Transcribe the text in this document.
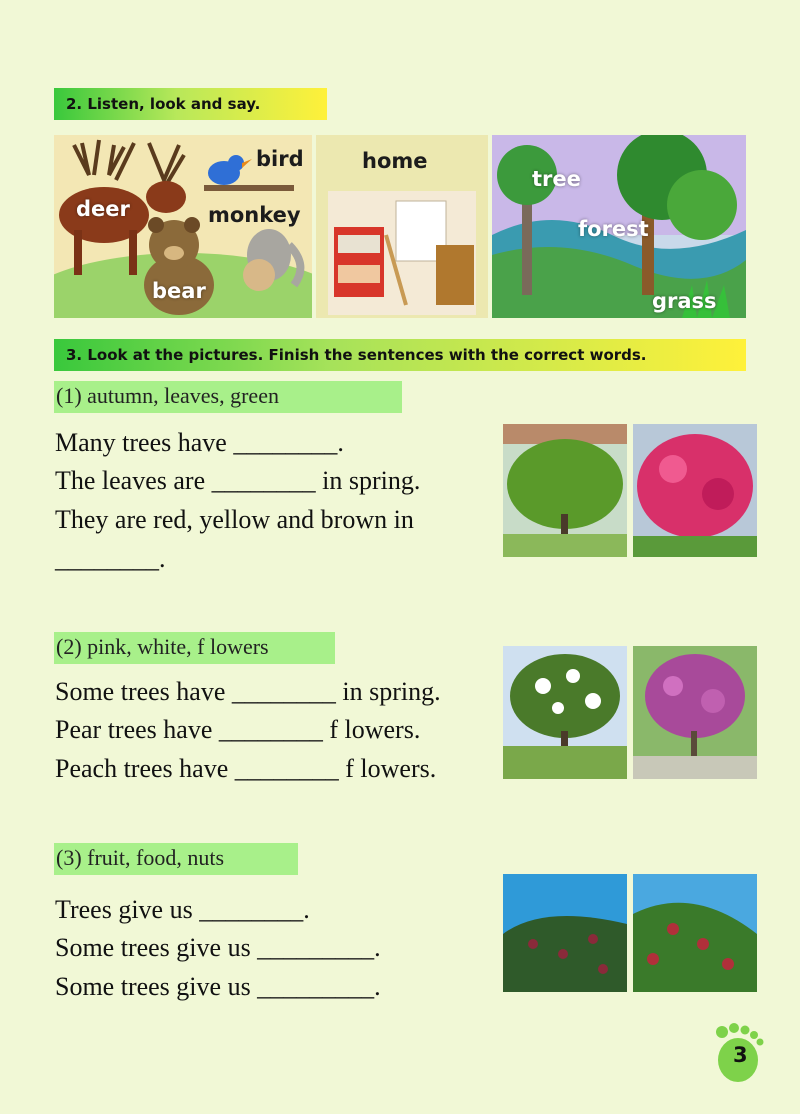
2. Listen, look and say.
deer
bird
monkey
bear
home
tree
forest
grass
3. Look at the pictures. Finish the sentences with the correct words.
(1) autumn, leaves, green
Many trees have ________.
The leaves are ________ in spring.
They are red, yellow and brown in
________.
(2) pink, white, f lowers
Some trees have ________ in spring.
Pear trees have ________ f lowers.
Peach trees have ________ f lowers.
(3) fruit, food, nuts
Trees give us ________.
Some trees give us _________.
Some trees give us _________.
3
